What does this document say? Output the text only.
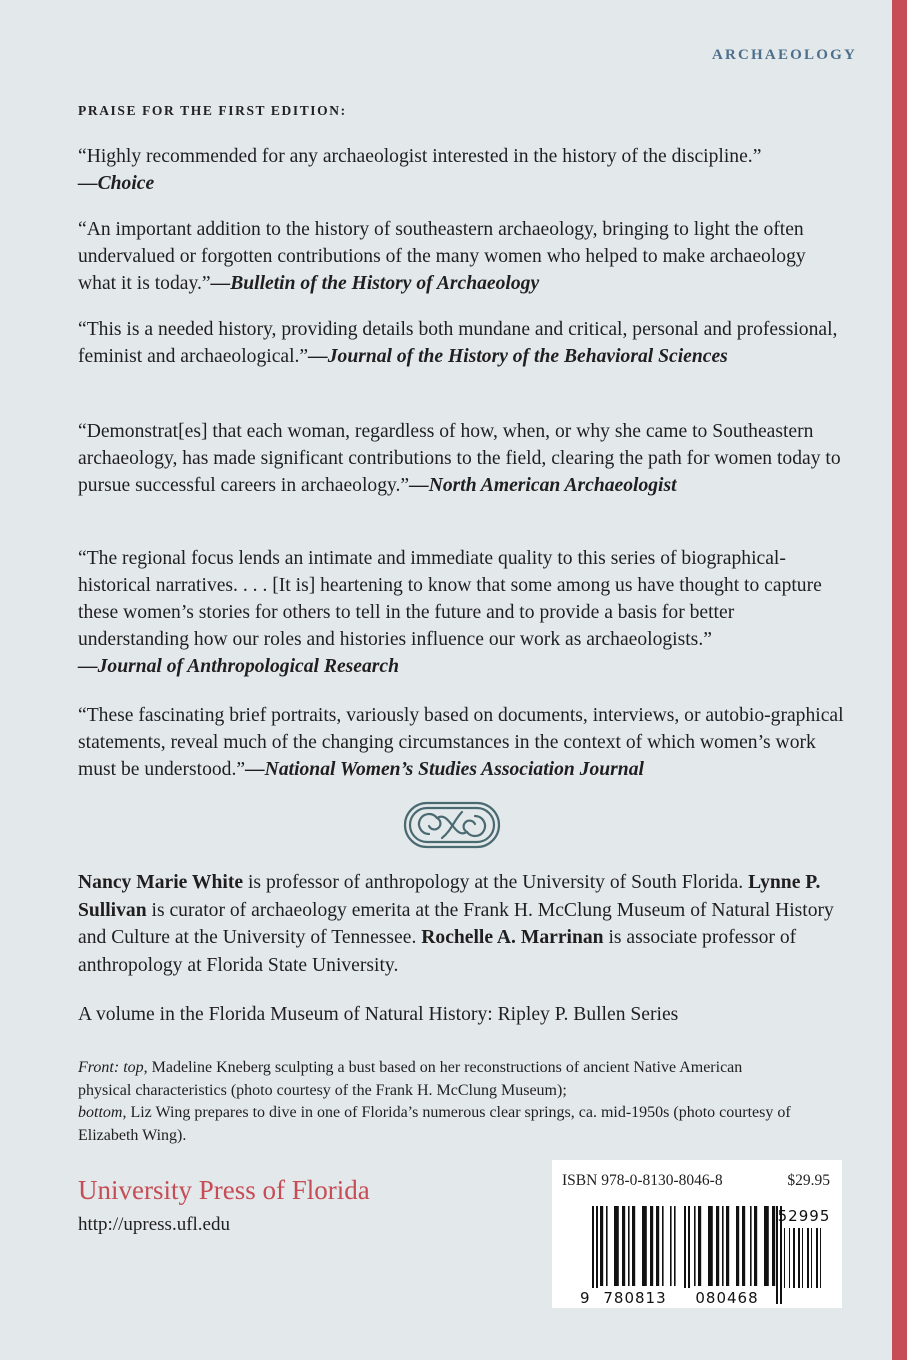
ARCHAEOLOGY
PRAISE FOR THE FIRST EDITION:
“Highly recommended for any archaeologist interested in the history of the discipline.”
—Choice
“An important addition to the history of southeastern archaeology, bringing to light the often undervalued or forgotten contributions of the many women who helped to make archaeology what it is today.”—Bulletin of the History of Archaeology
“This is a needed history, providing details both mundane and critical, personal and professional, feminist and archaeological.”—Journal of the History of the Behavioral Sciences
“Demonstrat[es] that each woman, regardless of how, when, or why she came to Southeastern archaeology, has made significant contributions to the field, clearing the path for women today to pursue successful careers in archaeology.”—North American Archaeologist
“The regional focus lends an intimate and immediate quality to this series of biographical-historical narratives. . . . [It is] heartening to know that some among us have thought to capture these women’s stories for others to tell in the future and to provide a basis for better understanding how our roles and histories influence our work as archaeologists.”
—Journal of Anthropological Research
“These fascinating brief portraits, variously based on documents, interviews, or autobio-graphical statements, reveal much of the changing circumstances in the context of which women’s work must be understood.”—National Women’s Studies Association Journal
Nancy Marie White is professor of anthropology at the University of South Florida. Lynne P. Sullivan is curator of archaeology emerita at the Frank H. McClung Museum of Natural History and Culture at the University of Tennessee. Rochelle A. Marrinan is associate professor of anthropology at Florida State University.
A volume in the Florida Museum of Natural History: Ripley P. Bullen Series
Front: top, Madeline Kneberg sculpting a bust based on her reconstructions of ancient Native American physical characteristics (photo courtesy of the Frank H. McClung Museum);
bottom, Liz Wing prepares to dive in one of Florida’s numerous clear springs, ca. mid-1950s (photo courtesy of Elizabeth Wing).
University Press of Florida
http://upress.ufl.edu
ISBN 978-0-8130-8046-8	$29.95
9 780813 080468
52995
